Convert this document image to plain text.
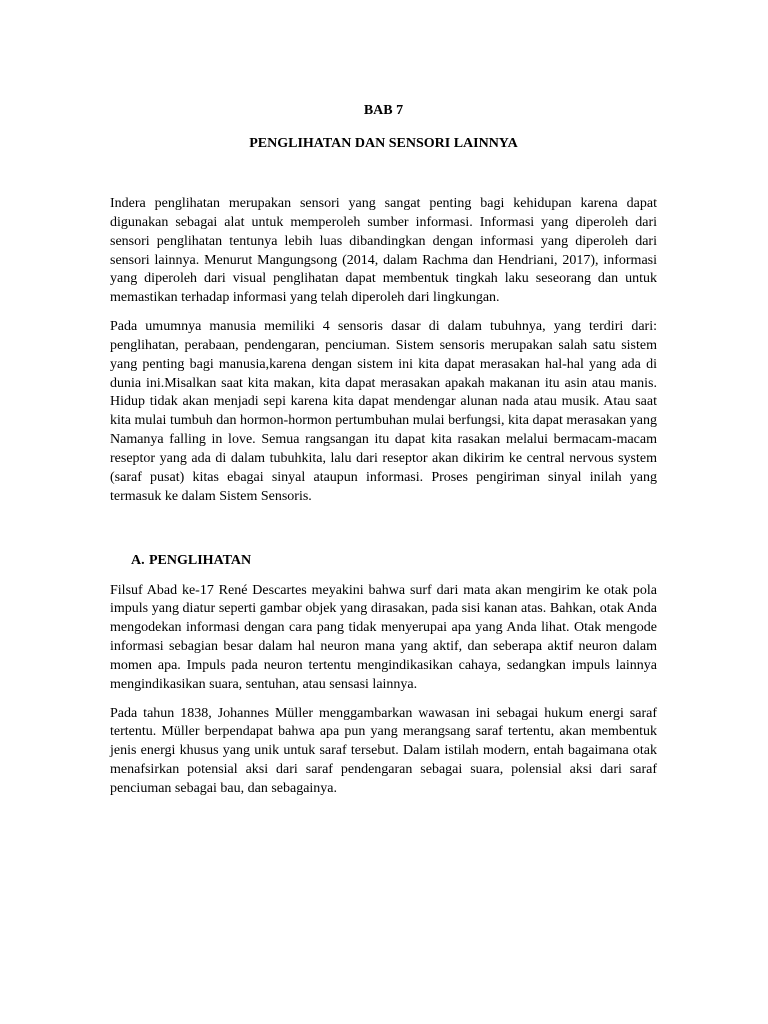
BAB 7
PENGLIHATAN DAN SENSORI LAINNYA

Indera penglihatan merupakan sensori yang sangat penting bagi kehidupan karena dapat digunakan sebagai alat untuk memperoleh sumber informasi. Informasi yang diperoleh dari sensori penglihatan tentunya lebih luas dibandingkan dengan informasi yang diperoleh dari sensori lainnya. Menurut Mangungsong (2014, dalam Rachma dan Hendriani, 2017), informasi yang diperoleh dari visual penglihatan dapat membentuk tingkah laku seseorang dan untuk memastikan terhadap informasi yang telah diperoleh dari lingkungan.

Pada umumnya manusia memiliki 4 sensoris dasar di dalam tubuhnya, yang terdiri dari: penglihatan, perabaan, pendengaran, penciuman. Sistem sensoris merupakan salah satu sistem yang penting bagi manusia,karena dengan sistem ini kita dapat merasakan hal-hal yang ada di dunia ini.Misalkan saat kita makan, kita dapat merasakan apakah makanan itu asin atau manis. Hidup tidak akan menjadi sepi karena kita dapat mendengar alunan nada atau musik. Atau saat kita mulai tumbuh dan hormon-hormon pertumbuhan mulai berfungsi, kita dapat merasakan yang Namanya falling in love. Semua rangsangan itu dapat kita rasakan melalui bermacam-macam reseptor yang ada di dalam tubuhkita, lalu dari reseptor akan dikirim ke central nervous system (saraf pusat) kitas ebagai sinyal ataupun informasi. Proses pengiriman sinyal inilah yang termasuk ke dalam Sistem Sensoris.

A. PENGLIHATAN

Filsuf Abad ke-17 René Descartes meyakini bahwa surf dari mata akan mengirim ke otak pola impuls yang diatur seperti gambar objek yang dirasakan, pada sisi kanan atas. Bahkan, otak Anda mengodekan informasi dengan cara pang tidak menyerupai apa yang Anda lihat. Otak mengode informasi sebagian besar dalam hal neuron mana yang aktif, dan seberapa aktif neuron dalam momen apa. Impuls pada neuron tertentu mengindikasikan cahaya, sedangkan impuls lainnya mengindikasikan suara, sentuhan, atau sensasi lainnya.

Pada tahun 1838, Johannes Müller menggambarkan wawasan ini sebagai hukum energi saraf tertentu. Müller berpendapat bahwa apa pun yang merangsang saraf tertentu, akan membentuk jenis energi khusus yang unik untuk saraf tersebut. Dalam istilah modern, entah bagaimana otak menafsirkan potensial aksi dari saraf pendengaran sebagai suara, polensial aksi dari saraf penciuman sebagai bau, dan sebagainya.
